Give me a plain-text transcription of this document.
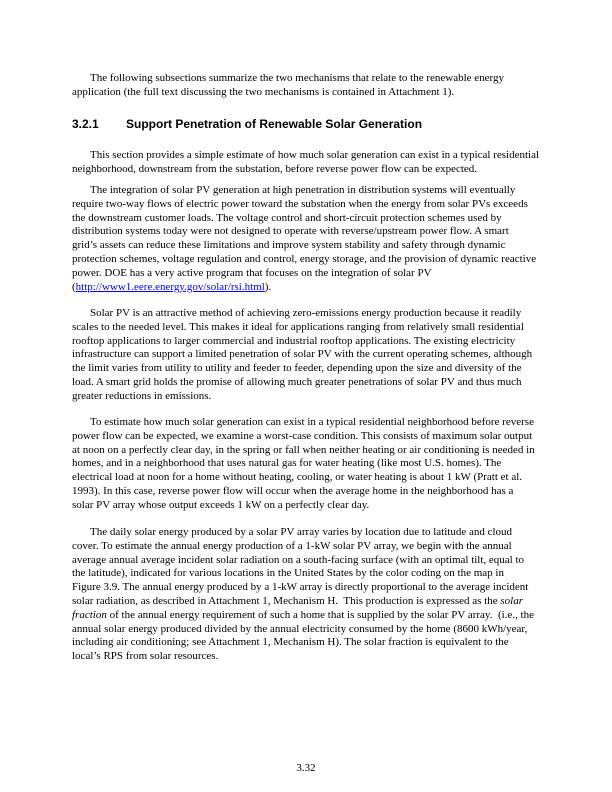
The following subsections summarize the two mechanisms that relate to the renewable energy
application (the full text discussing the two mechanisms is contained in Attachment 1).
3.2.1 Support Penetration of Renewable Solar Generation
This section provides a simple estimate of how much solar generation can exist in a typical residential
neighborhood, downstream from the substation, before reverse power flow can be expected.
The integration of solar PV generation at high penetration in distribution systems will eventually
require two-way flows of electric power toward the substation when the energy from solar PVs exceeds
the downstream customer loads. The voltage control and short-circuit protection schemes used by
distribution systems today were not designed to operate with reverse/upstream power flow. A smart
grid’s assets can reduce these limitations and improve system stability and safety through dynamic
protection schemes, voltage regulation and control, energy storage, and the provision of dynamic reactive
power. DOE has a very active program that focuses on the integration of solar PV
(http://www1.eere.energy.gov/solar/rsi.html).
Solar PV is an attractive method of achieving zero-emissions energy production because it readily
scales to the needed level. This makes it ideal for applications ranging from relatively small residential
rooftop applications to larger commercial and industrial rooftop applications. The existing electricity
infrastructure can support a limited penetration of solar PV with the current operating schemes, although
the limit varies from utility to utility and feeder to feeder, depending upon the size and diversity of the
load. A smart grid holds the promise of allowing much greater penetrations of solar PV and thus much
greater reductions in emissions.
To estimate how much solar generation can exist in a typical residential neighborhood before reverse
power flow can be expected, we examine a worst-case condition. This consists of maximum solar output
at noon on a perfectly clear day, in the spring or fall when neither heating or air conditioning is needed in
homes, and in a neighborhood that uses natural gas for water heating (like most U.S. homes). The
electrical load at noon for a home without heating, cooling, or water heating is about 1 kW (Pratt et al.
1993). In this case, reverse power flow will occur when the average home in the neighborhood has a
solar PV array whose output exceeds 1 kW on a perfectly clear day.
The daily solar energy produced by a solar PV array varies by location due to latitude and cloud
cover. To estimate the annual energy production of a 1-kW solar PV array, we begin with the annual
average annual average incident solar radiation on a south-facing surface (with an optimal tilt, equal to
the latitude), indicated for various locations in the United States by the color coding on the map in
Figure 3.9. The annual energy produced by a 1-kW array is directly proportional to the average incident
solar radiation, as described in Attachment 1, Mechanism H.  This production is expressed as the solar
fraction of the annual energy requirement of such a home that is supplied by the solar PV array.  (i.e., the
annual solar energy produced divided by the annual electricity consumed by the home (8600 kWh/year,
including air conditioning; see Attachment 1, Mechanism H). The solar fraction is equivalent to the
local’s RPS from solar resources.
3.32
